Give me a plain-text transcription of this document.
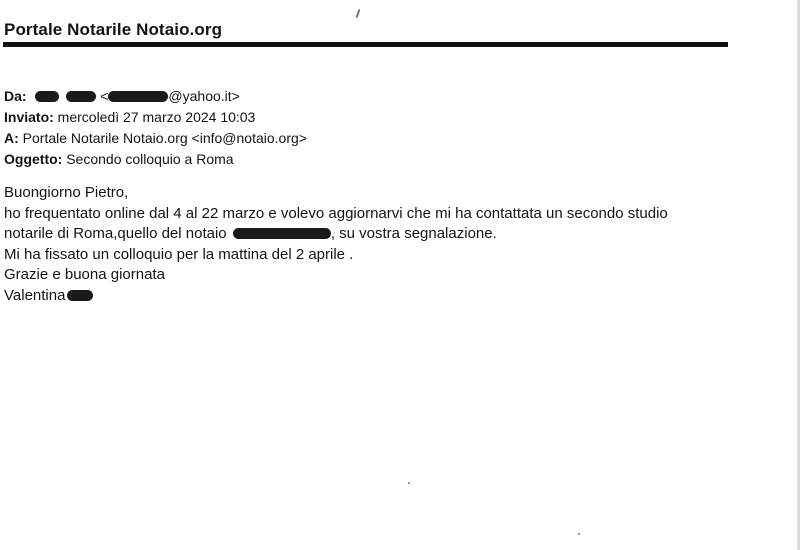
Portale Notarile Notaio.org
Da:	<	@yahoo.it>
Inviato: mercoledì 27 marzo 2024 10:03
A: Portale Notarile Notaio.org <info@notaio.org>
Oggetto: Secondo colloquio a Roma
Buongiorno Pietro,
ho frequentato online dal 4 al 22 marzo e volevo aggiornarvi che mi ha contattata un secondo studio
notarile di Roma,quello del notaio	, su vostra segnalazione.
Mi ha fissato un colloquio per la mattina del 2 aprile .
Grazie e buona giornata
Valentina
